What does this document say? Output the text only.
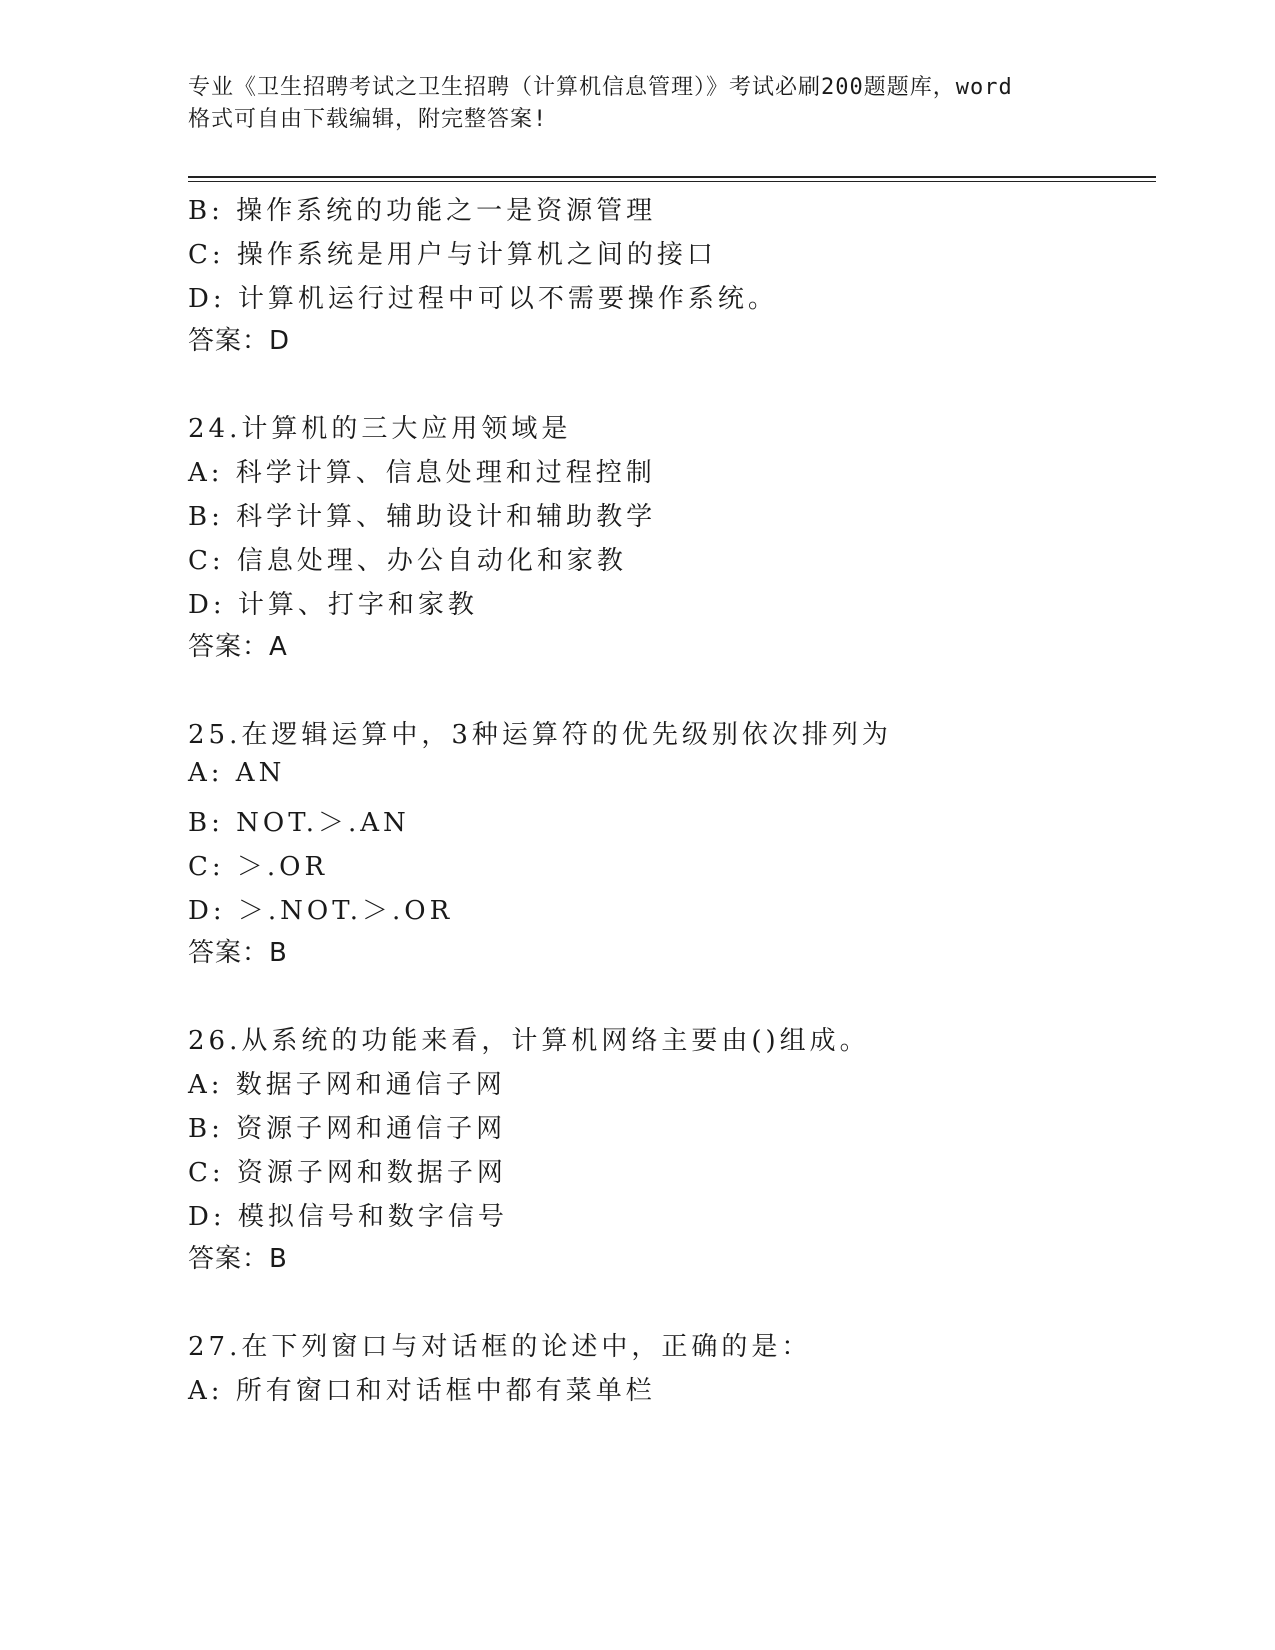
专业《卫生招聘考试之卫生招聘（计算机信息管理）》考试必刷200题题库，word
格式可自由下载编辑，附完整答案!
B: 操作系统的功能之一是资源管理
C: 操作系统是用户与计算机之间的接口
D: 计算机运行过程中可以不需要操作系统。
答案：D
24.计算机的三大应用领域是
A: 科学计算、信息处理和过程控制
B: 科学计算、辅助设计和辅助教学
C: 信息处理、办公自动化和家教
D: 计算、打字和家教
答案：A
25.在逻辑运算中，3种运算符的优先级别依次排列为
A: AN
B: NOT.＞.AN
C: ＞.OR
D: ＞.NOT.＞.OR
答案：B
26.从系统的功能来看，计算机网络主要由()组成。
A: 数据子网和通信子网
B: 资源子网和通信子网
C: 资源子网和数据子网
D: 模拟信号和数字信号
答案：B
27.在下列窗口与对话框的论述中，正确的是：
A: 所有窗口和对话框中都有菜单栏
